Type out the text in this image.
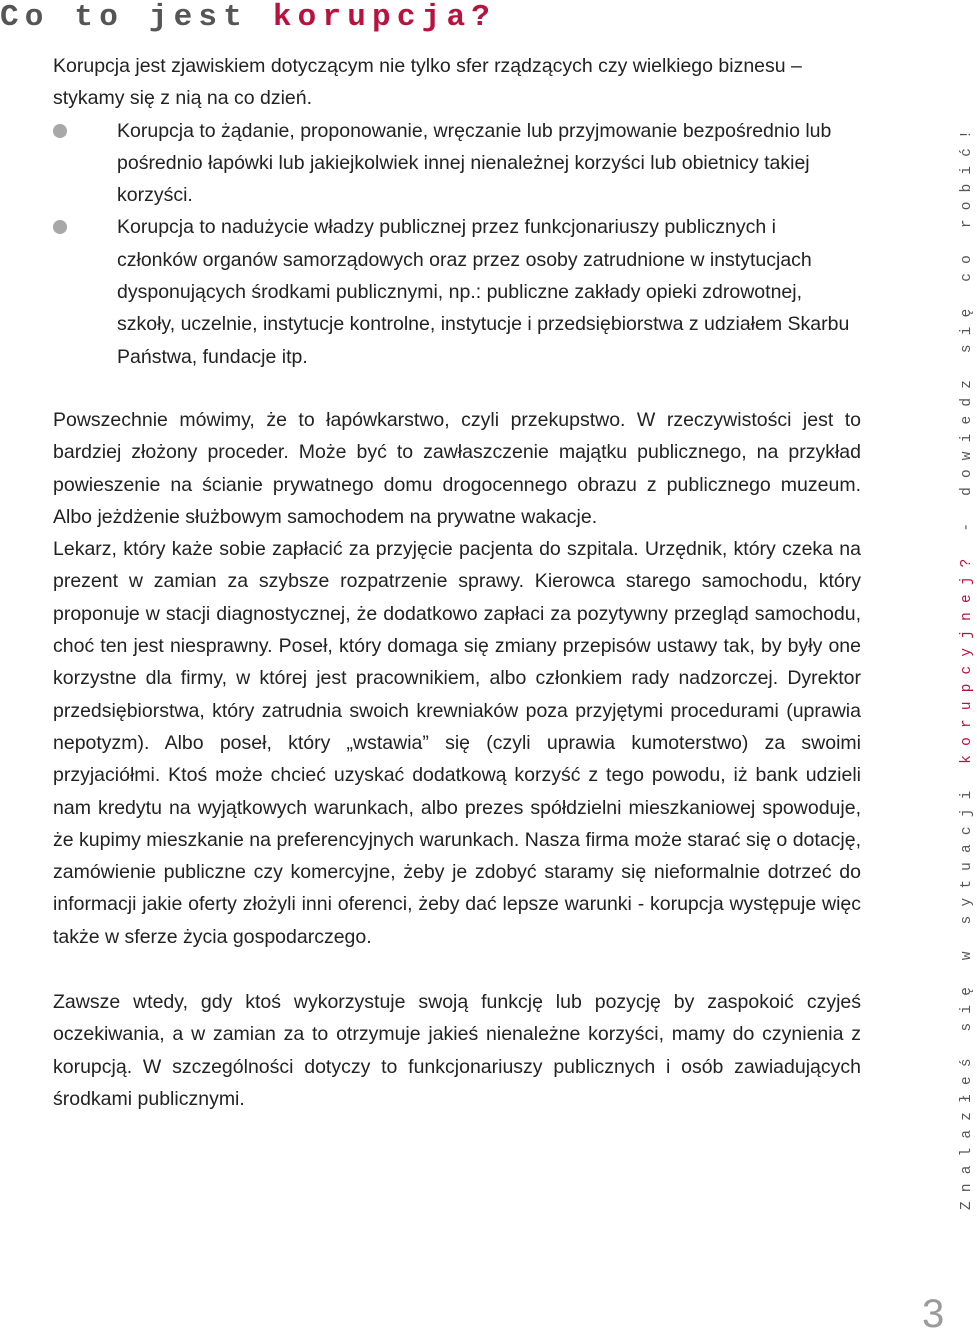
Co to jest korupcja?

Korupcja jest zjawiskiem dotyczącym nie tylko sfer rządzących czy wielkiego biznesu – stykamy się z nią na co dzień.

Korupcja to żądanie, proponowanie, wręczanie lub przyjmowanie bezpośrednio lub pośrednio łapówki lub jakiejkolwiek innej nienależnej korzyści lub obietnicy takiej korzyści.

Korupcja to nadużycie władzy publicznej przez funkcjonariuszy publicznych i członków organów samorządowych oraz przez osoby zatrudnione w instytucjach dysponujących środkami publicznymi, np.: publiczne zakłady opieki zdrowotnej, szkoły, uczelnie, instytucje kontrolne, instytucje i przedsiębiorstwa z udziałem Skarbu Państwa, fundacje itp.

Powszechnie mówimy, że to łapówkarstwo, czyli przekupstwo. W rzeczywistości jest to bardziej złożony proceder. Może być to zawłaszczenie majątku publicznego, na przykład powieszenie na ścianie prywatnego domu drogocennego obrazu z publicznego muzeum. Albo jeżdżenie służbowym samochodem na prywatne wakacje.

Lekarz, który każe sobie zapłacić za przyjęcie pacjenta do szpitala. Urzędnik, który czeka na prezent w zamian za szybsze rozpatrzenie sprawy. Kierowca starego samochodu, który proponuje w stacji diagnostycznej, że dodatkowo zapłaci za pozytywny przegląd samochodu, choć ten jest niesprawny. Poseł, który domaga się zmiany przepisów ustawy tak, by były one korzystne dla firmy, w której jest pracownikiem, albo członkiem rady nadzorczej. Dyrektor przedsiębiorstwa, który zatrudnia swoich krewniaków poza przyjętymi procedurami (uprawia nepotyzm). Albo poseł, który „wstawia” się (czyli uprawia kumoterstwo) za swoimi przyjaciółmi. Ktoś może chcieć uzyskać dodatkową korzyść z tego powodu, iż bank udzieli nam kredytu na wyjątkowych warunkach, albo prezes spółdzielni mieszkaniowej spowoduje, że kupimy mieszkanie na preferencyjnych warunkach. Nasza firma może starać się o dotację, zamówienie publiczne czy komercyjne, żeby je zdobyć staramy się nieformalnie dotrzeć do informacji jakie oferty złożyli inni oferenci, żeby dać lepsze warunki - korupcja występuje więc także w sferze życia gospodarczego.

Zawsze wtedy, gdy ktoś wykorzystuje swoją funkcję lub pozycję by zaspokoić czyjeś oczekiwania, a w zamian za to otrzymuje jakieś nienależne korzyści, mamy do czynienia z korupcją. W szczególności dotyczy to funkcjonariuszy publicznych i osób zawiadujących środkami publicznymi.	Znalazłeś się w sytuacji korupcyjnej? - dowiedz się co robić!
3
